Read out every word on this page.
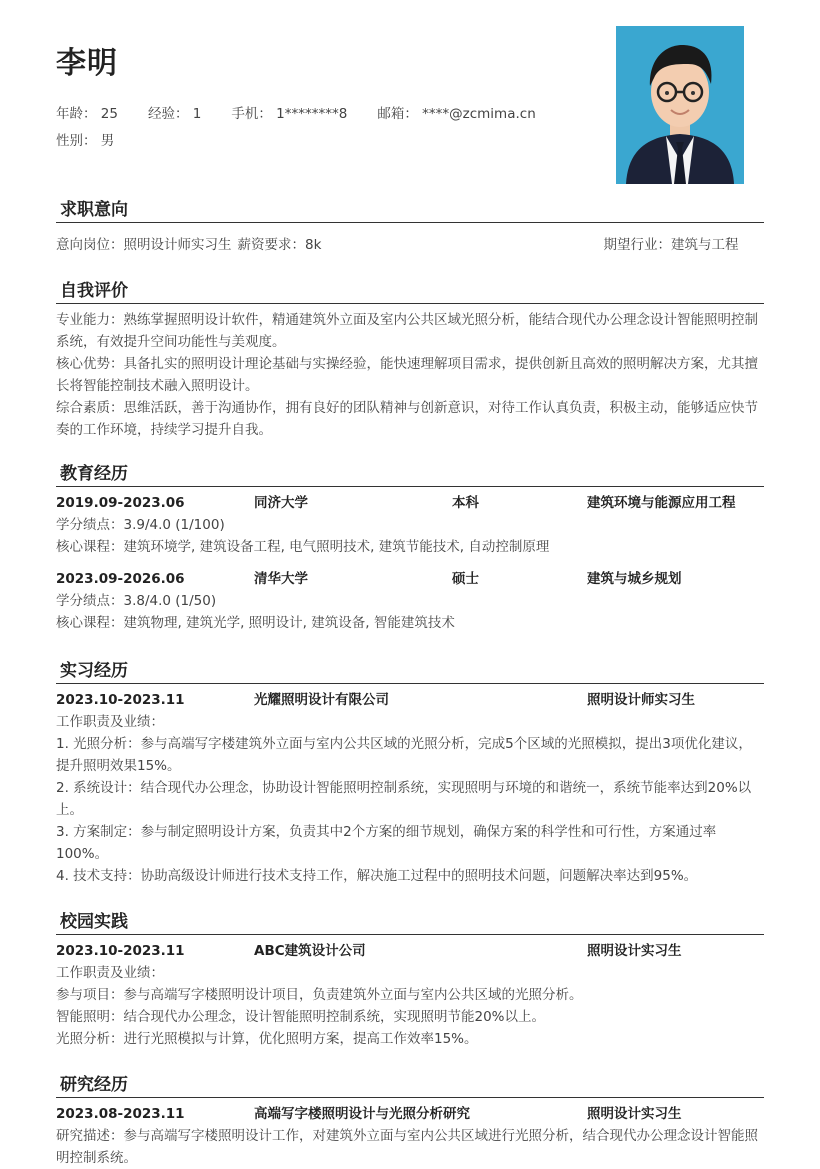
李明
年龄： 25 经验： 1 手机： 1********8 邮箱： ****@zcmima.cn
性别： 男
求职意向
意向岗位：照明设计师实习生 薪资要求：8k	期望行业：建筑与工程
自我评价
专业能力：熟练掌握照明设计软件，精通建筑外立面及室内公共区域光照分析，能结合现代办公理念设计智能照明控制系统，有效提升空间功能性与美观度。
核心优势：具备扎实的照明设计理论基础与实操经验，能快速理解项目需求，提供创新且高效的照明解决方案，尤其擅长将智能控制技术融入照明设计。
综合素质：思维活跃，善于沟通协作，拥有良好的团队精神与创新意识，对待工作认真负责，积极主动，能够适应快节奏的工作环境，持续学习提升自我。
教育经历
2019.09-2023.06	同济大学	本科	建筑环境与能源应用工程
学分绩点：3.9/4.0 (1/100)
核心课程：建筑环境学, 建筑设备工程, 电气照明技术, 建筑节能技术, 自动控制原理
2023.09-2026.06	清华大学	硕士	建筑与城乡规划
学分绩点：3.8/4.0 (1/50)
核心课程：建筑物理, 建筑光学, 照明设计, 建筑设备, 智能建筑技术
实习经历
2023.10-2023.11	光耀照明设计有限公司	照明设计师实习生
工作职责及业绩：
1. 光照分析：参与高端写字楼建筑外立面与室内公共区域的光照分析，完成5个区域的光照模拟，提出3项优化建议，提升照明效果15%。
2. 系统设计：结合现代办公理念，协助设计智能照明控制系统，实现照明与环境的和谐统一，系统节能率达到20%以上。
3. 方案制定：参与制定照明设计方案，负责其中2个方案的细节规划，确保方案的科学性和可行性，方案通过率100%。
4. 技术支持：协助高级设计师进行技术支持工作，解决施工过程中的照明技术问题，问题解决率达到95%。
校园实践
2023.10-2023.11	ABC建筑设计公司	照明设计实习生
工作职责及业绩：
参与项目：参与高端写字楼照明设计项目，负责建筑外立面与室内公共区域的光照分析。
智能照明：结合现代办公理念，设计智能照明控制系统，实现照明节能20%以上。
光照分析：进行光照模拟与计算，优化照明方案，提高工作效率15%。
研究经历
2023.08-2023.11	高端写字楼照明设计与光照分析研究	照明设计实习生
研究描述：参与高端写字楼照明设计工作，对建筑外立面与室内公共区域进行光照分析，结合现代办公理念设计智能照明控制系统。
